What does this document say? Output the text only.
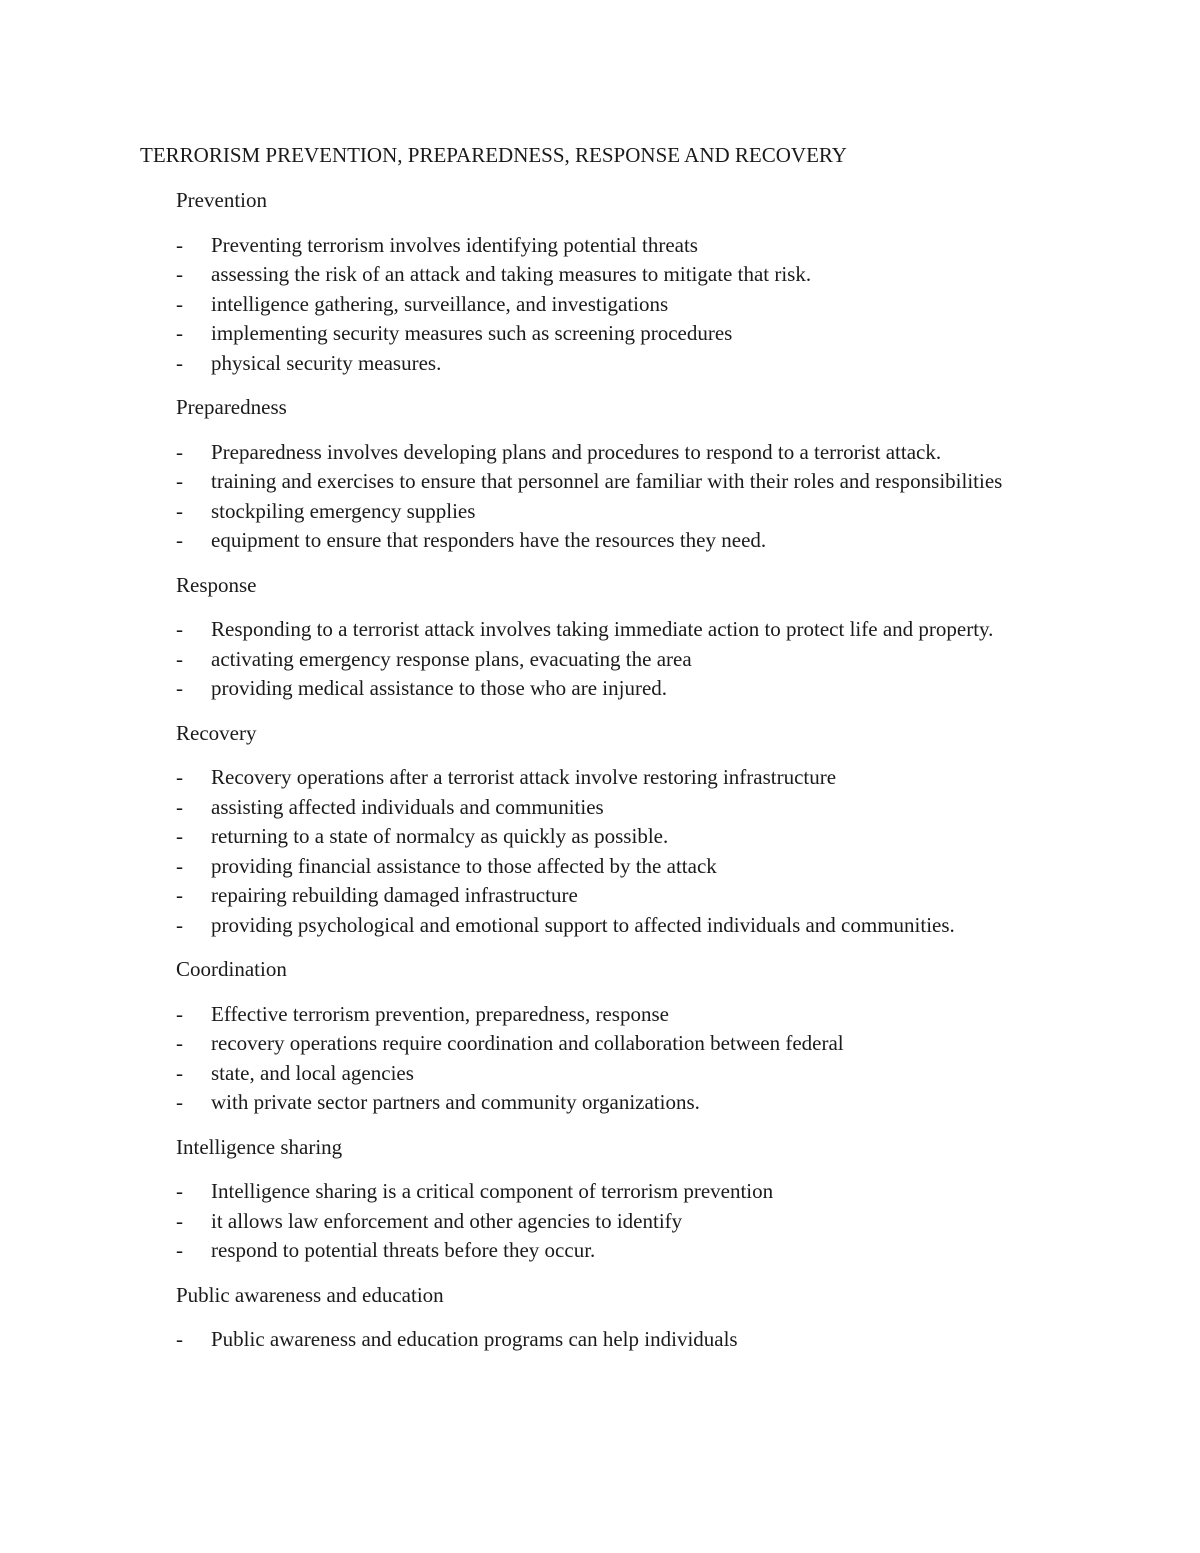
TERRORISM PREVENTION, PREPAREDNESS, RESPONSE AND RECOVERY
Prevention
-	Preventing terrorism involves identifying potential threats
-	assessing the risk of an attack and taking measures to mitigate that risk.
-	intelligence gathering, surveillance, and investigations
-	implementing security measures such as screening procedures
-	physical security measures.
Preparedness
-	Preparedness involves developing plans and procedures to respond to a terrorist attack.
-	training and exercises to ensure that personnel are familiar with their roles and responsibilities
-	stockpiling emergency supplies
-	equipment to ensure that responders have the resources they need.
Response
-	Responding to a terrorist attack involves taking immediate action to protect life and property.
-	activating emergency response plans, evacuating the area
-	providing medical assistance to those who are injured.
Recovery
-	Recovery operations after a terrorist attack involve restoring infrastructure
-	assisting affected individuals and communities
-	returning to a state of normalcy as quickly as possible.
-	providing financial assistance to those affected by the attack
-	repairing rebuilding damaged infrastructure
-	providing psychological and emotional support to affected individuals and communities.
Coordination
-	Effective terrorism prevention, preparedness, response
-	recovery operations require coordination and collaboration between federal
-	state, and local agencies
-	with private sector partners and community organizations.
Intelligence sharing
-	Intelligence sharing is a critical component of terrorism prevention
-	it allows law enforcement and other agencies to identify
-	respond to potential threats before they occur.
Public awareness and education
-	Public awareness and education programs can help individuals
